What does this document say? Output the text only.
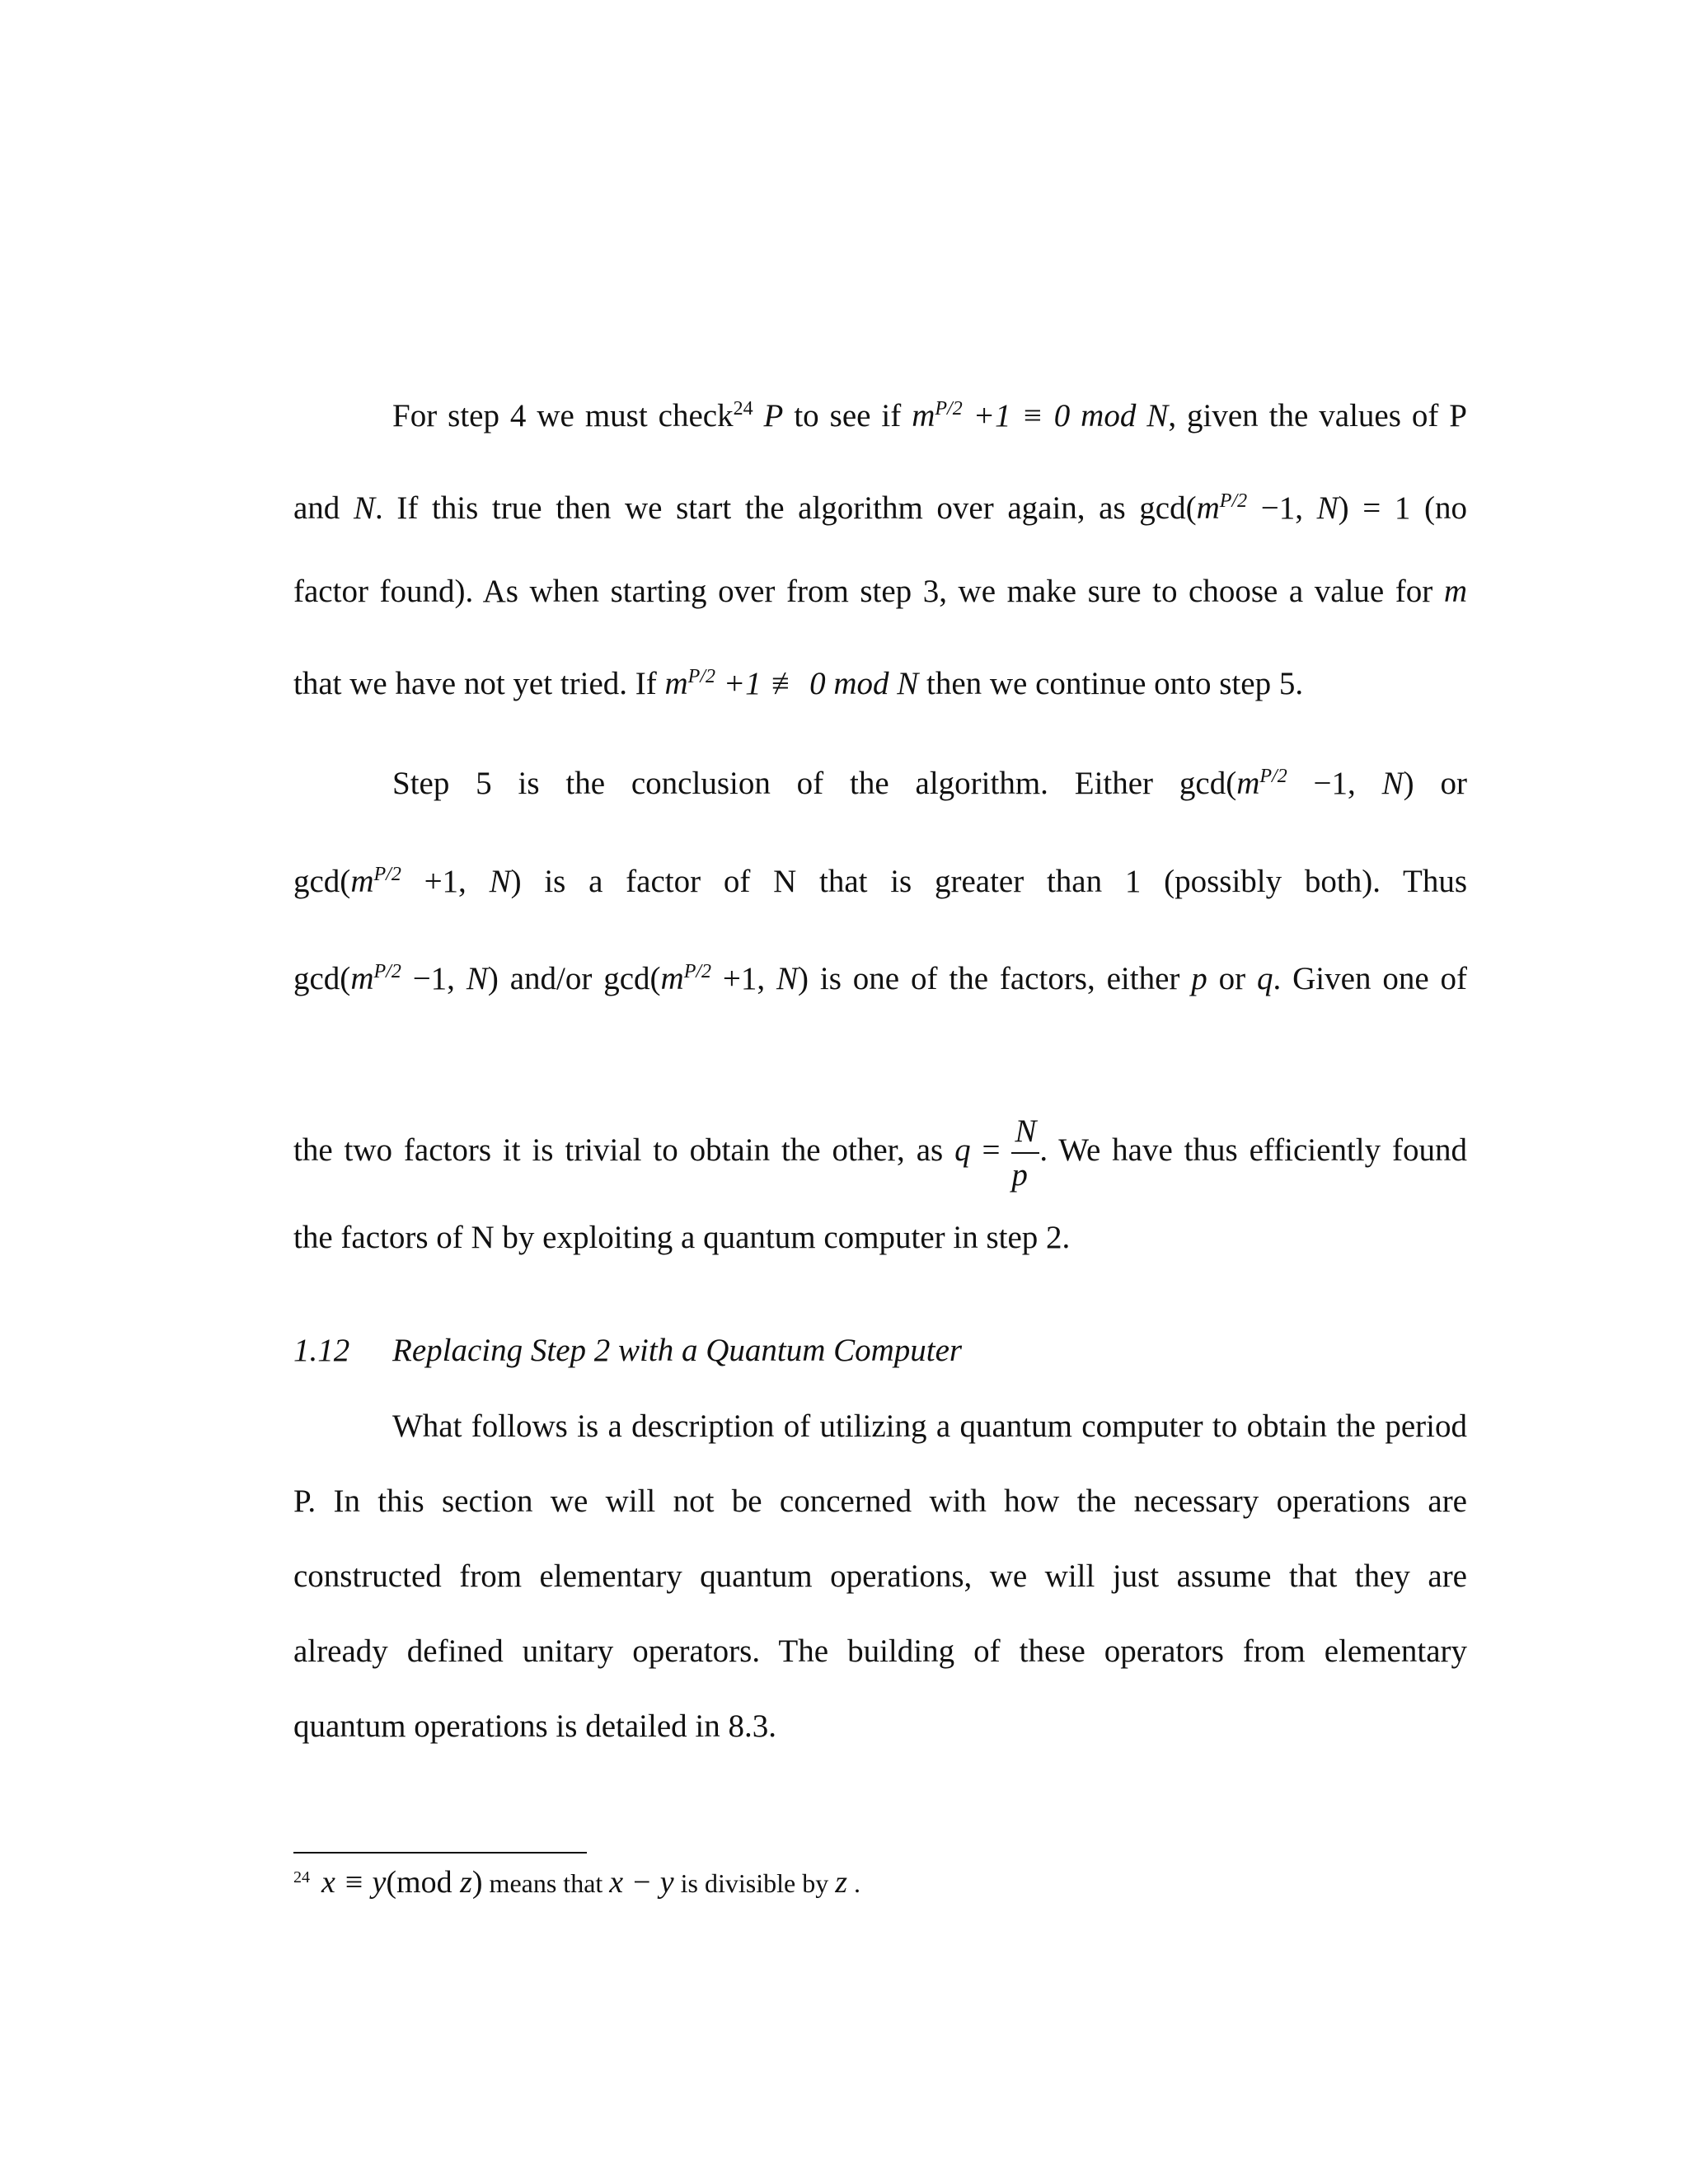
For step 4 we must check$^{24}$ P to see if $m^{P/2} +1 \equiv 0$ mod N, given the values of P
and N. If this true then we start the algorithm over again, as $\gcd(m^{P/2} -1$, N) = 1 (no
factor found). As when starting over from step 3, we make sure to choose a value for m
that we have not yet tried. If $m^{P/2} +1$ ≢ 0 mod N then we continue onto step 5.
Step 5 is the conclusion of the algorithm. Either $\gcd(m^{P/2} -1$, N) or
$\gcd(m^{P/2} +1$, N) is a factor of N that is greater than 1 (possibly both). Thus
$\gcd(m^{P/2} -1$, N) and/or $\gcd(m^{P/2} +1$, N) is one of the factors, either p or q. Given one of
the two factors it is trivial to obtain the other, as $q = \frac{N}{p}$ . We have thus efficiently found
the factors of N by exploiting a quantum computer in step 2.
1.12 Replacing Step 2 with a Quantum Computer
What follows is a description of utilizing a quantum computer to obtain the period
P. In this section we will not be concerned with how the necessary operations are
constructed from elementary quantum operations, we will just assume that they are
already defined unitary operators. The building of these operators from elementary
quantum operations is detailed in 8.3.
$^{24}$ x ≡ y(mod z) means that x − y is divisible by z .
